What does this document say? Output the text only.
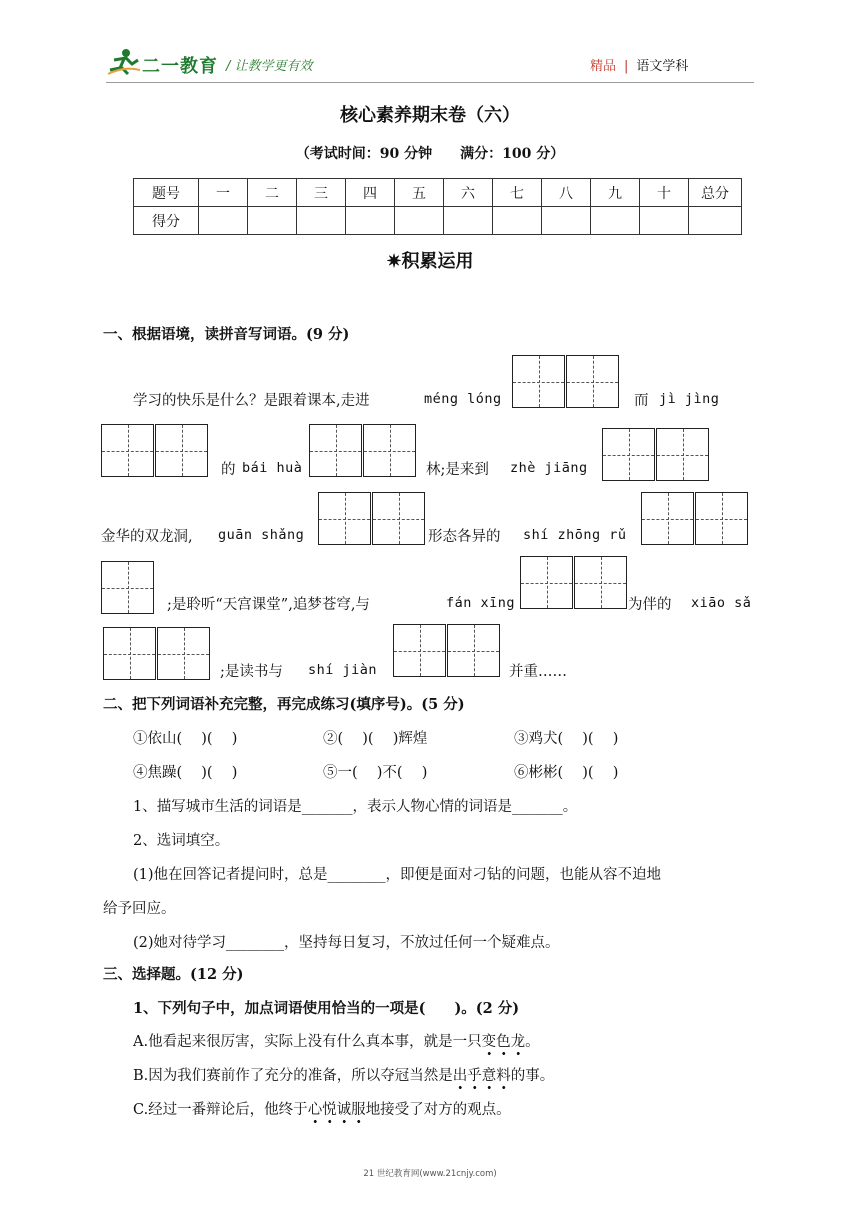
二一教育 / 让教学更有效	精品 | 语文学科
核心素养期末卷（六）
（考试时间：90 分钟 满分：100 分）
题号	一	二	三	四	五	六	七	八	九	十	总分
得分											
✷积累运用
一、根据语境，读拼音写词语。(9 分)
学习的快乐是什么？是跟着课本,走进	méng lóng	而 jì jìng
的 bái huà	林;是来到 zhè jiāng
金华的双龙洞, guān shǎng	形态各异的 shí zhōng rǔ
;是聆听“天宫课堂”,追梦苍穹,与	fán xīng	为伴的 xiāo sǎ
;是读书与 shí jiàn	并重……
二、把下列词语补充完整，再完成练习(填序号)。(5 分)
①依山(　 )(　 )	②(　 )(　 )辉煌	③鸡犬(　 )(　 )
④焦躁(　 )(　 )	⑤一(　 )不(　 )	⑥彬彬(　 )(　 )
1、描写城市生活的词语是_______，表示人物心情的词语是_______。
2、选词填空。
(1)他在回答记者提问时，总是________，即便是面对刁钻的问题，也能从容不迫地
给予回应。
(2)她对待学习________，坚持每日复习，不放过任何一个疑难点。
三、选择题。(12 分)
1、下列句子中，加点词语使用恰当的一项是(　　)。(2 分)
A.他看起来很厉害，实际上没有什么真本事，就是一只变色龙。
B.因为我们赛前作了充分的准备，所以夺冠当然是出乎意料的事。
C.经过一番辩论后，他终于心悦诚服地接受了对方的观点。
21 世纪教育网(www.21cnjy.com)
